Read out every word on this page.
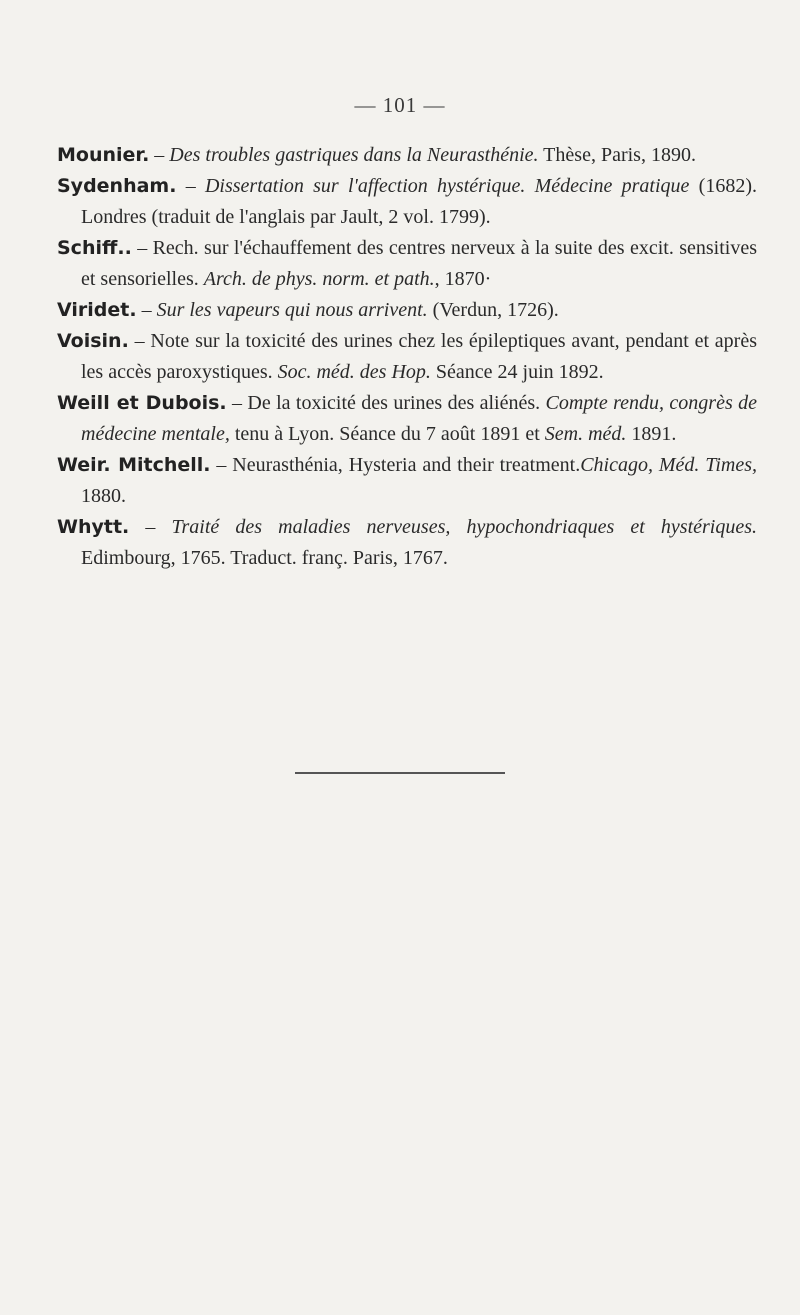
— 101 —

Mounier. – Des troubles gastriques dans la Neurasthénie. Thèse, Paris, 1890.

Sydenham. – Dissertation sur l'affection hystérique. Médecine pratique (1682). Londres (traduit de l'anglais par Jault, 2 vol. 1799).

Schiff.. – Rech. sur l'échauffement des centres nerveux à la suite des excit. sensitives et sensorielles. Arch. de phys. norm. et path., 1870·

Viridet. – Sur les vapeurs qui nous arrivent. (Verdun, 1726).

Voisin. – Note sur la toxicité des urines chez les épileptiques avant, pendant et après les accès paroxystiques. Soc. méd. des Hop. Séance 24 juin 1892.

Weill et Dubois. – De la toxicité des urines des aliénés. Compte rendu, congrès de médecine mentale, tenu à Lyon. Séance du 7 août 1891 et Sem. méd. 1891.

Weir. Mitchell. – Neurasthénia, Hysteria and their treatment.Chicago, Méd. Times, 1880.

Whytt. – Traité des maladies nerveuses, hypochondriaques et hystériques. Edimbourg, 1765. Traduct. franç. Paris, 1767.
